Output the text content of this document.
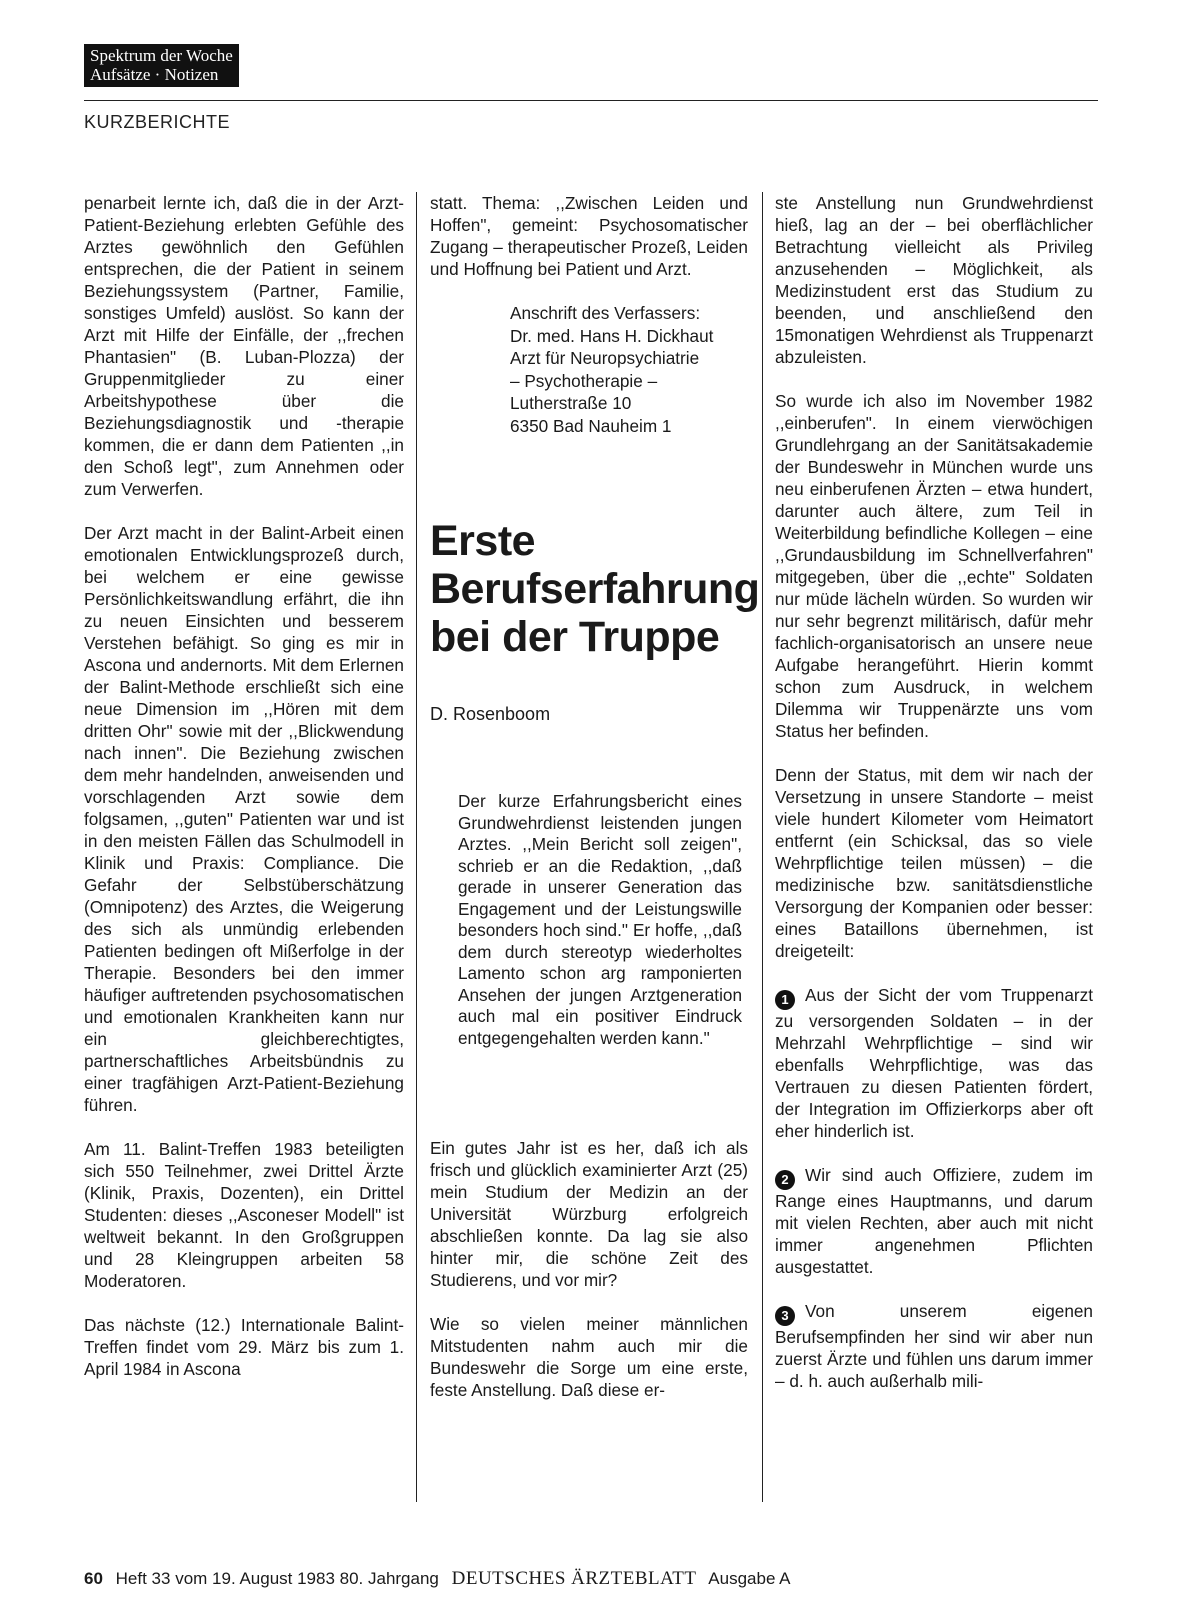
Spektrum der Woche
Aufsätze · Notizen
KURZBERICHTE

penarbeit lernte ich, daß die in der Arzt-Patient-Beziehung erlebten Gefühle des Arztes gewöhnlich den Gefühlen entsprechen, die der Patient in seinem Beziehungssystem (Partner, Familie, sonstiges Umfeld) auslöst. So kann der Arzt mit Hilfe der Einfälle, der ,,frechen Phantasien" (B. Luban-Plozza) der Gruppenmitglieder zu einer Arbeitshypothese über die Beziehungsdiagnostik und -therapie kommen, die er dann dem Patienten ,,in den Schoß legt", zum Annehmen oder zum Verwerfen.

Der Arzt macht in der Balint-Arbeit einen emotionalen Entwicklungsprozeß durch, bei welchem er eine gewisse Persönlichkeitswandlung erfährt, die ihn zu neuen Einsichten und besserem Verstehen befähigt. So ging es mir in Ascona und andernorts. Mit dem Erlernen der Balint-Methode erschließt sich eine neue Dimension im ,,Hören mit dem dritten Ohr" sowie mit der ,,Blickwendung nach innen". Die Beziehung zwischen dem mehr handelnden, anweisenden und vorschlagenden Arzt sowie dem folgsamen, ,,guten" Patienten war und ist in den meisten Fällen das Schulmodell in Klinik und Praxis: Compliance. Die Gefahr der Selbstüberschätzung (Omnipotenz) des Arztes, die Weigerung des sich als unmündig erlebenden Patienten bedingen oft Mißerfolge in der Therapie. Besonders bei den immer häufiger auftretenden psychosomatischen und emotionalen Krankheiten kann nur ein gleichberechtigtes, partnerschaftliches Arbeitsbündnis zu einer tragfähigen Arzt-Patient-Beziehung führen.

Am 11. Balint-Treffen 1983 beteiligten sich 550 Teilnehmer, zwei Drittel Ärzte (Klinik, Praxis, Dozenten), ein Drittel Studenten: dieses ,,Asconeser Modell" ist weltweit bekannt. In den Großgruppen und 28 Kleingruppen arbeiten 58 Moderatoren.

Das nächste (12.) Internationale Balint-Treffen findet vom 29. März bis zum 1. April 1984 in Ascona

statt. Thema: ,,Zwischen Leiden und Hoffen", gemeint: Psychosomatischer Zugang – therapeutischer Prozeß, Leiden und Hoffnung bei Patient und Arzt.

Anschrift des Verfassers:
Dr. med. Hans H. Dickhaut
Arzt für Neuropsychiatrie
– Psychotherapie –
Lutherstraße 10
6350 Bad Nauheim 1
Erste
Berufserfahrung
bei der Truppe
D. Rosenboom
Der kurze Erfahrungsbericht eines Grundwehrdienst leistenden jungen Arztes. ,,Mein Bericht soll zeigen", schrieb er an die Redaktion, ,,daß gerade in unserer Generation das Engagement und der Leistungswille besonders hoch sind." Er hoffe, ,,daß dem durch stereotyp wiederholtes Lamento schon arg ramponierten Ansehen der jungen Arztgeneration auch mal ein positiver Eindruck entgegengehalten werden kann."

Ein gutes Jahr ist es her, daß ich als frisch und glücklich examinierter Arzt (25) mein Studium der Medizin an der Universität Würzburg erfolgreich abschließen konnte. Da lag sie also hinter mir, die schöne Zeit des Studierens, und vor mir?

Wie so vielen meiner männlichen Mitstudenten nahm auch mir die Bundeswehr die Sorge um eine erste, feste Anstellung. Daß diese er-

ste Anstellung nun Grundwehrdienst hieß, lag an der – bei oberflächlicher Betrachtung vielleicht als Privileg anzusehenden – Möglichkeit, als Medizinstudent erst das Studium zu beenden, und anschließend den 15monatigen Wehrdienst als Truppenarzt abzuleisten.

So wurde ich also im November 1982 ,,einberufen". In einem vierwöchigen Grundlehrgang an der Sanitätsakademie der Bundeswehr in München wurde uns neu einberufenen Ärzten – etwa hundert, darunter auch ältere, zum Teil in Weiterbildung befindliche Kollegen – eine ,,Grundausbildung im Schnellverfahren" mitgegeben, über die ,,echte" Soldaten nur müde lächeln würden. So wurden wir nur sehr begrenzt militärisch, dafür mehr fachlich-organisatorisch an unsere neue Aufgabe herangeführt. Hierin kommt schon zum Ausdruck, in welchem Dilemma wir Truppenärzte uns vom Status her befinden.

Denn der Status, mit dem wir nach der Versetzung in unsere Standorte – meist viele hundert Kilometer vom Heimatort entfernt (ein Schicksal, das so viele Wehrpflichtige teilen müssen) – die medizinische bzw. sanitätsdienstliche Versorgung der Kompanien oder besser: eines Bataillons übernehmen, ist dreigeteilt:

1 Aus der Sicht der vom Truppenarzt zu versorgenden Soldaten – in der Mehrzahl Wehrpflichtige – sind wir ebenfalls Wehrpflichtige, was das Vertrauen zu diesen Patienten fördert, der Integration im Offizierkorps aber oft eher hinderlich ist.

2 Wir sind auch Offiziere, zudem im Range eines Hauptmanns, und darum mit vielen Rechten, aber auch mit nicht immer angenehmen Pflichten ausgestattet.

3 Von unserem eigenen Berufsempfinden her sind wir aber nun zuerst Ärzte und fühlen uns darum immer – d. h. auch außerhalb mili-

60 Heft 33 vom 19. August 1983 80. Jahrgang DEUTSCHES ÄRZTEBLATT Ausgabe A
